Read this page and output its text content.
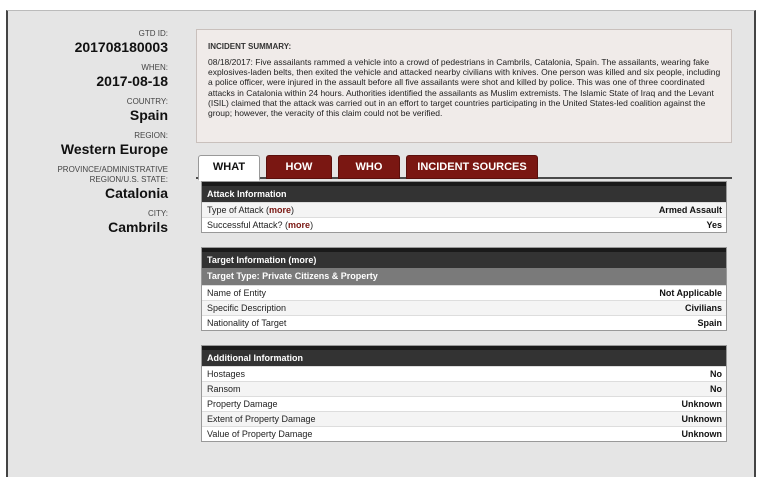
GTD ID:
201708180003
WHEN:
2017-08-18
COUNTRY:
Spain
REGION:
Western Europe
PROVINCE/ADMINISTRATIVE
REGION/U.S. STATE:
Catalonia
CITY:
Cambrils
INCIDENT SUMMARY:
08/18/2017: Five assailants rammed a vehicle into a crowd of pedestrians in Cambrils, Catalonia, Spain. The assailants, wearing fake explosives-laden belts, then exited the vehicle and attacked nearby civilians with knives. One person was killed and six people, including a police officer, were injured in the assault before all five assailants were shot and killed by police. This was one of three coordinated attacks in Catalonia within 24 hours. Authorities identified the assailants as Muslim extremists. The Islamic State of Iraq and the Levant (ISIL) claimed that the attack was carried out in an effort to target countries participating in the United States-led coalition against the group; however, the veracity of this claim could not be verified.
WHAT	HOW	WHO	INCIDENT SOURCES
Attack Information
Type of Attack (more)	Armed Assault
Successful Attack? (more)	Yes
Target Information (more)
Target Type: Private Citizens & Property
Name of Entity	Not Applicable
Specific Description	Civilians
Nationality of Target	Spain
Additional Information
Hostages	No
Ransom	No
Property Damage	Unknown
Extent of Property Damage	Unknown
Value of Property Damage	Unknown
